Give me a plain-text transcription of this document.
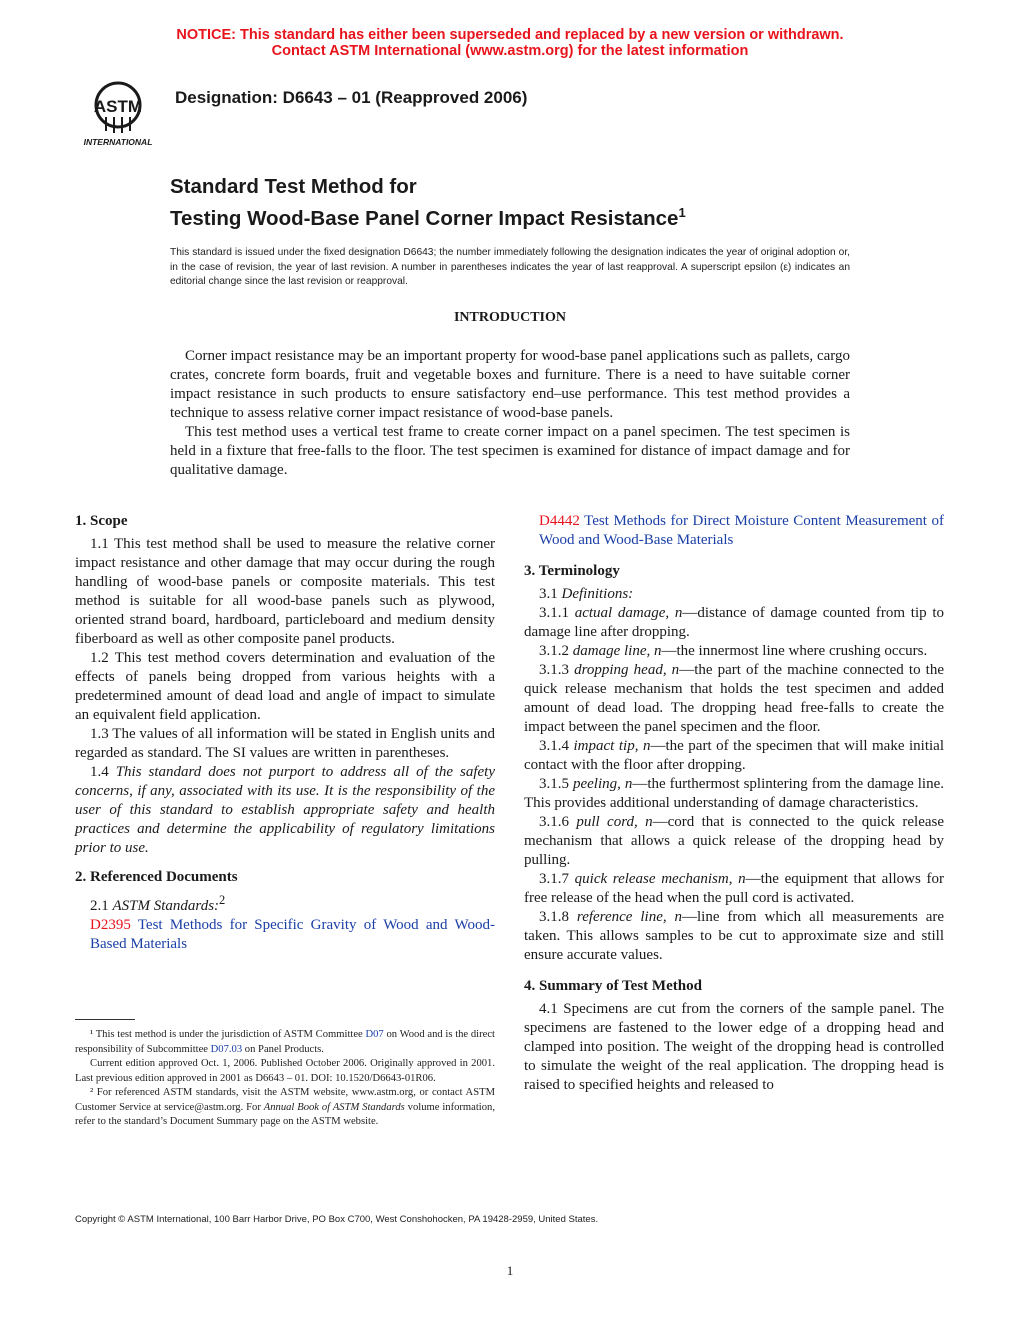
NOTICE: This standard has either been superseded and replaced by a new version or withdrawn.
Contact ASTM International (www.astm.org) for the latest information
ASTM
INTERNATIONAL
Designation: D6643 – 01 (Reapproved 2006)
Standard Test Method for
Testing Wood-Base Panel Corner Impact Resistance$^1$
This standard is issued under the fixed designation D6643; the number immediately following the designation indicates the year of original adoption or, in the case of revision, the year of last revision. A number in parentheses indicates the year of last reapproval. A superscript epsilon (ε) indicates an editorial change since the last revision or reapproval.
INTRODUCTION

Corner impact resistance may be an important property for wood-base panel applications such as pallets, cargo crates, concrete form boards, fruit and vegetable boxes and furniture. There is a need to have suitable corner impact resistance in such products to ensure satisfactory end–use performance. This test method provides a technique to assess relative corner impact resistance of wood-base panels.

This test method uses a vertical test frame to create corner impact on a panel specimen. The test specimen is held in a fixture that free-falls to the floor. The test specimen is examined for distance of impact damage and for qualitative damage.

1. Scope

1.1 This test method shall be used to measure the relative corner impact resistance and other damage that may occur during the rough handling of wood-base panels or composite materials. This test method is suitable for all wood-base panels such as plywood, oriented strand board, hardboard, particleboard and medium density fiberboard as well as other composite panel products.

1.2 This test method covers determination and evaluation of the effects of panels being dropped from various heights with a predetermined amount of dead load and angle of impact to simulate an equivalent field application.

1.3 The values of all information will be stated in English units and regarded as standard. The SI values are written in parentheses.

1.4 This standard does not purport to address all of the safety concerns, if any, associated with its use. It is the responsibility of the user of this standard to establish appropriate safety and health practices and determine the applicability of regulatory limitations prior to use.

2. Referenced Documents

2.1 ASTM Standards:$^2$

D2395 Test Methods for Specific Gravity of Wood and Wood-Based Materials

¹ This test method is under the jurisdiction of ASTM Committee D07 on Wood and is the direct responsibility of Subcommittee D07.03 on Panel Products.

Current edition approved Oct. 1, 2006. Published October 2006. Originally approved in 2001. Last previous edition approved in 2001 as D6643 – 01. DOI: 10.1520/D6643-01R06.

² For referenced ASTM standards, visit the ASTM website, www.astm.org, or contact ASTM Customer Service at service@astm.org. For Annual Book of ASTM Standards volume information, refer to the standard’s Document Summary page on the ASTM website.

D4442 Test Methods for Direct Moisture Content Measurement of Wood and Wood-Base Materials

3. Terminology

3.1 Definitions:

3.1.1 actual damage, n—distance of damage counted from tip to damage line after dropping.

3.1.2 damage line, n—the innermost line where crushing occurs.

3.1.3 dropping head, n—the part of the machine connected to the quick release mechanism that holds the test specimen and added amount of dead load. The dropping head free-falls to create the impact between the panel specimen and the floor.

3.1.4 impact tip, n—the part of the specimen that will make initial contact with the floor after dropping.

3.1.5 peeling, n—the furthermost splintering from the damage line. This provides additional understanding of damage characteristics.

3.1.6 pull cord, n—cord that is connected to the quick release mechanism that allows a quick release of the dropping head by pulling.

3.1.7 quick release mechanism, n—the equipment that allows for free release of the head when the pull cord is activated.

3.1.8 reference line, n—line from which all measurements are taken. This allows samples to be cut to approximate size and still ensure accurate values.

4. Summary of Test Method

4.1 Specimens are cut from the corners of the sample panel. The specimens are fastened to the lower edge of a dropping head and clamped into position. The weight of the dropping head is controlled to simulate the weight of the real application. The dropping head is raised to specified heights and released to

Copyright © ASTM International, 100 Barr Harbor Drive, PO Box C700, West Conshohocken, PA 19428-2959, United States.
1
